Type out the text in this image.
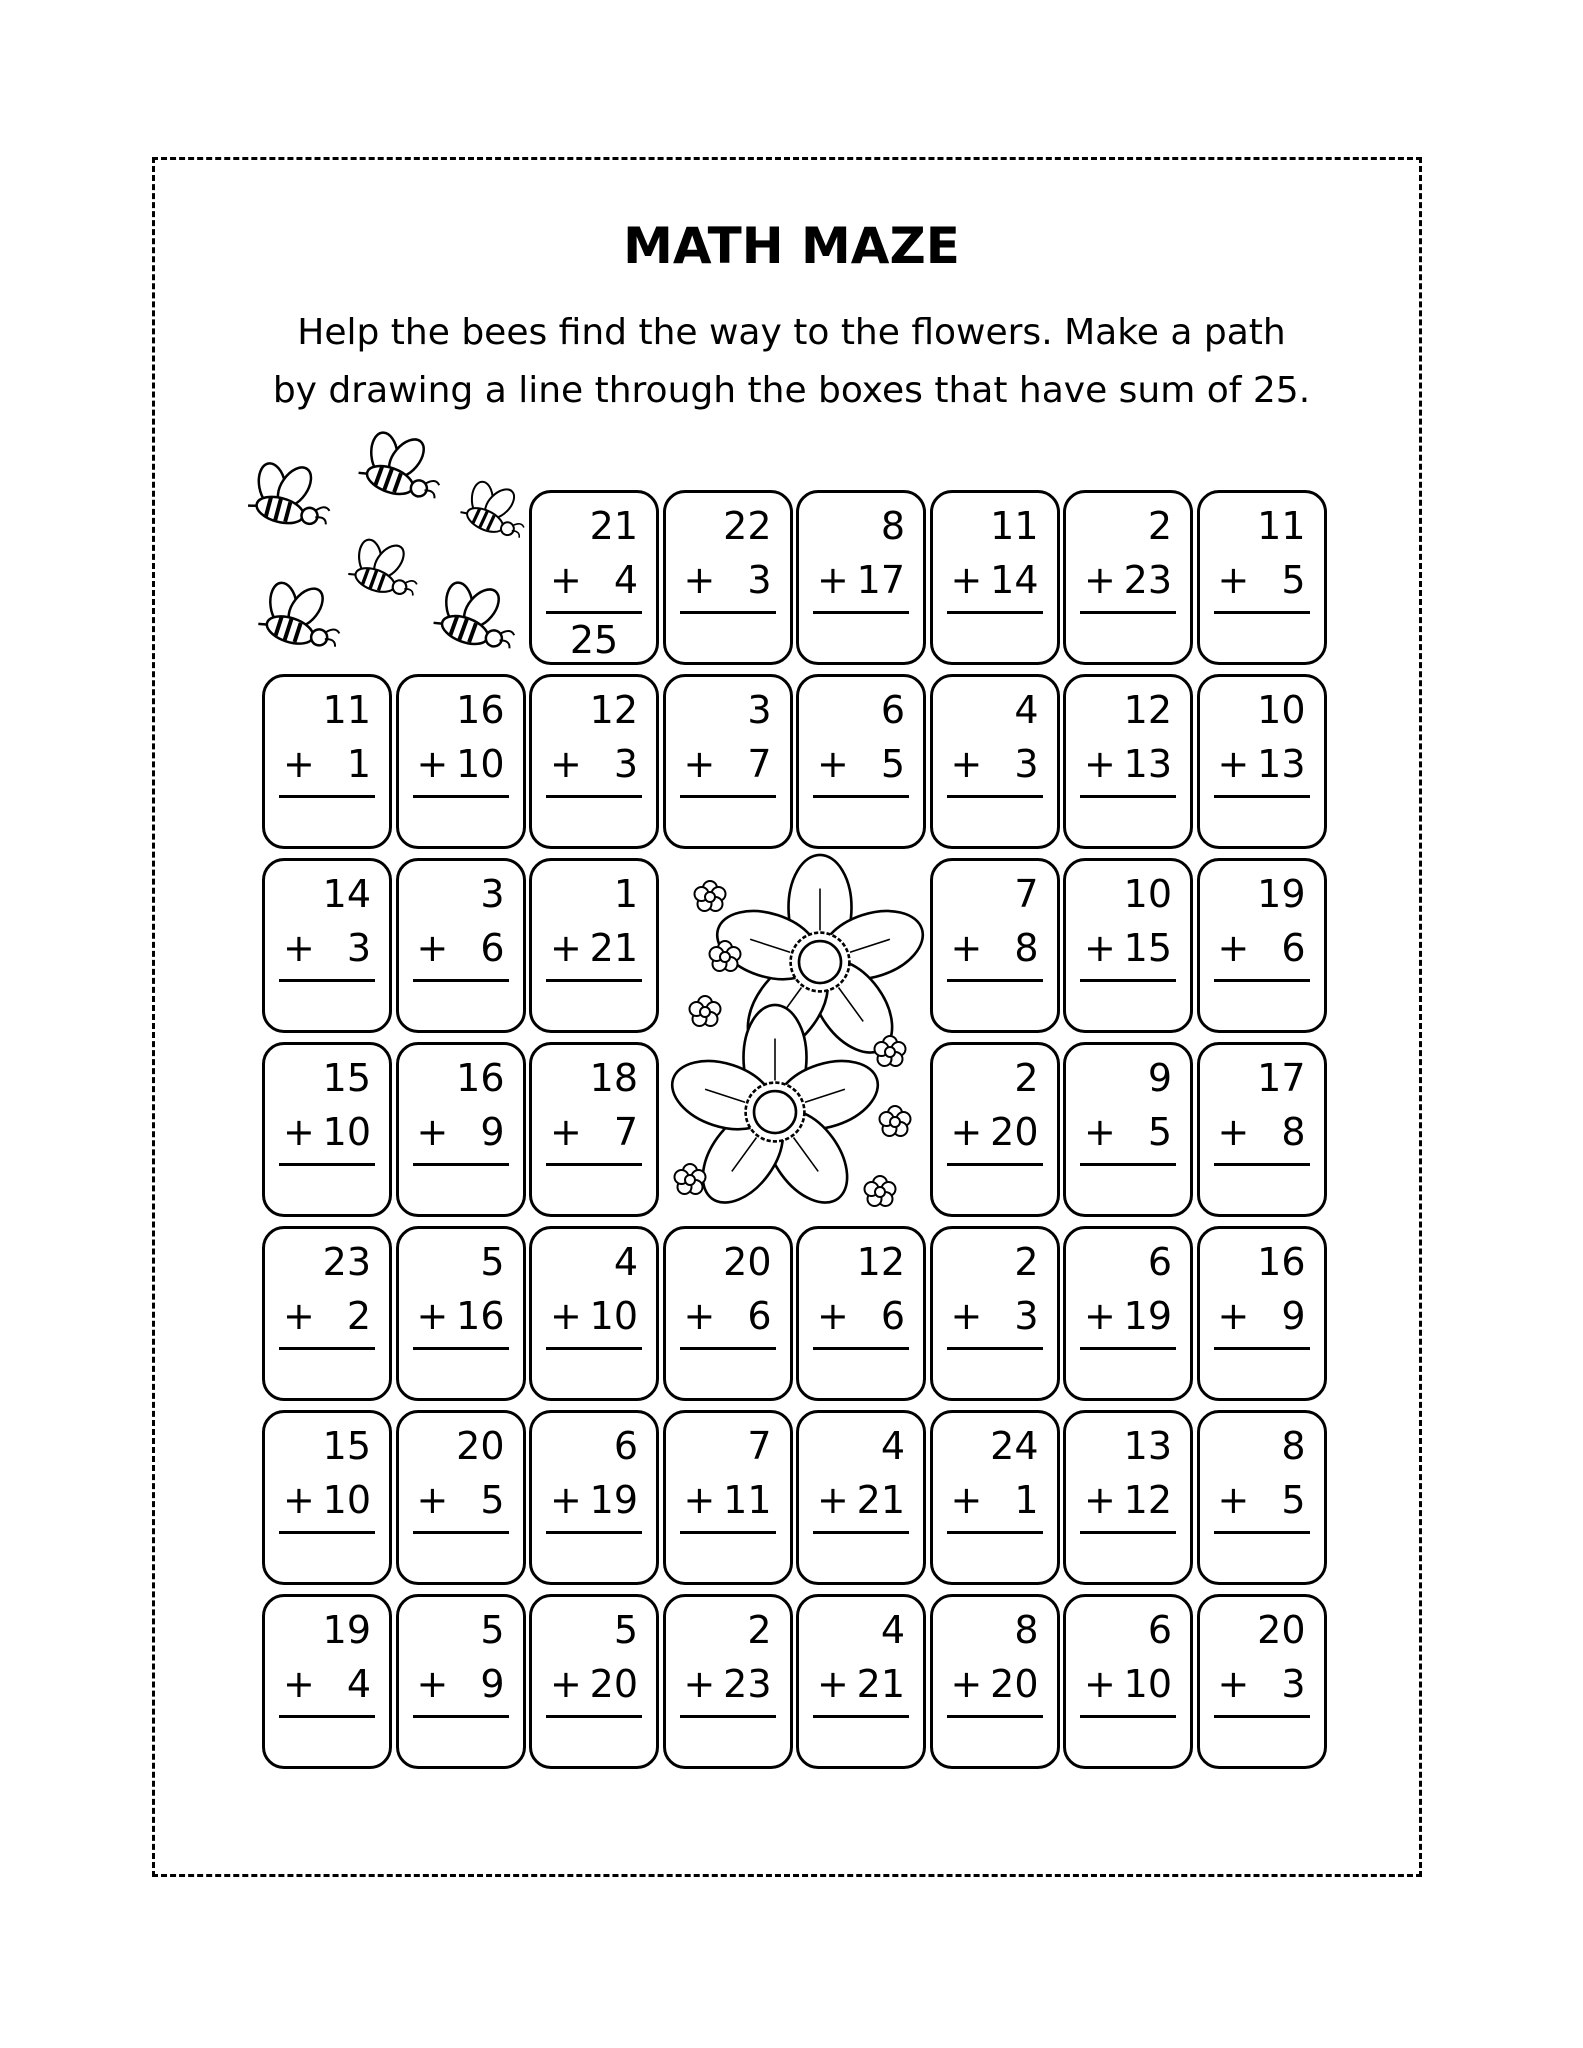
MATH MAZE
Help the bees find the way to the flowers. Make a path
by drawing a line through the boxes that have sum of 25.
21
+ 4
25
22
+ 3
8
+ 17
11
+ 14
2
+ 23
11
+ 5
11
+ 1
16
+ 10
12
+ 3
3
+ 7
6
+ 5
4
+ 3
12
+ 13
10
+ 13
14
+ 3
3
+ 6
1
+ 21
7
+ 8
10
+ 15
19
+ 6
15
+ 10
16
+ 9
18
+ 7
2
+ 20
9
+ 5
17
+ 8
23
+ 2
5
+ 16
4
+ 10
20
+ 6
12
+ 6
2
+ 3
6
+ 19
16
+ 9
15
+ 10
20
+ 5
6
+ 19
7
+ 11
4
+ 21
24
+ 1
13
+ 12
8
+ 5
19
+ 4
5
+ 9
5
+ 20
2
+ 23
4
+ 21
8
+ 20
6
+ 10
20
+ 3
